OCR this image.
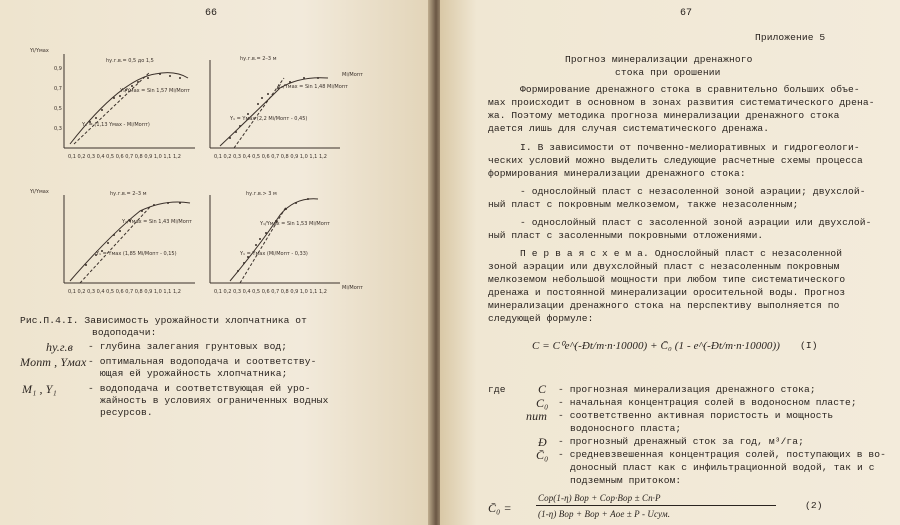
66
Yi/Yмах
hу.г.в.= 0,5 до 1,5
Y₁/Yмах = Sin 1,57 Mi/Mопт
Y₁ = (1,13 Yмах - Mi/Mопт)
0,1 0,2 0,3 0,4 0,5 0,6 0,7 0,8 0,9 1,0 1,1 1,2
0,9
0,7
0,5
0,3
hу.г.в.= 2–3 м
Y₁/Yмах = Sin 1,48 Mi/Mопт
Y₁ = Yмах (2,2 Mi/Mопт - 0,45)
Mi/Mопт
0,1 0,2 0,3 0,4 0,5 0,6 0,7 0,8 0,9 1,0 1,1 1,2
Yi/Yмах	hу.г.в.= 2–3 м
Y₁/Yмах = Sin 1,43 Mi/Mопт
Y₁ = Yмах (1,85 Mi/Mопт - 0,15)
0,1 0,2 0,3 0,4 0,5 0,6 0,7 0,8 0,9 1,0 1,1 1,2
hу.г.в.> 3 м
Y₁/Yмах = Sin 1,53 Mi/Mопт
Y₁ = Yмах (Mi/Mопт - 0,33)
Mi/Mопт
0,1 0,2 0,3 0,4 0,5 0,6 0,7 0,8 0,9 1,0 1,1 1,2
Рис.П.4.I. Зависимость урожайности хлопчатника от
водоподачи:
hу.г.в - глубина залегания грунтовых вод;
Mопт , Yмах - оптимальная водоподача и соответству-
ющая ей урожайность хлопчатника;
M₁ , Y₁	- водоподача и соответствующая ей уро-
жайность в условиях ограниченных водных
ресурсов.
67
Приложение 5
Прогноз минерализации дренажного
стока при орошении
Формирование дренажного стока в сравнительно больших объе-
мах происходит в основном в зонах развития систематического дрена-
жа. Поэтому методика прогноза минерализации дренажного стока
дается лишь для случая систематического дренажа.
I. В зависимости от почвенно-мелиоративных и гидрогеологи-
ческих условий можно выделить следующие расчетные схемы процесса
формирования минерализации дренажного стока:
- однослойный пласт с незасоленной зоной аэрации; двухслой-
ный пласт с покровным мелкоземом, также незасоленным;
- однослойный пласт с засоленной зоной аэрации или двухслой-
ный пласт с засоленными покровными отложениями.
П е р в а я с х е м а. Однослойный пласт с незасоленной
зоной аэрации или двухслойный пласт с незасоленным покровным
мелкоземом небольшой мощности при любом типе систематического
дренажа и постоянной минерализации оросительной воды. Прогноз
минерализации дренажного стока на перспективу выполняется по
следующей формуле:
C = C⁰e^(-Đt/m·n·10000) + C̄₀ (1 - e^(-Đt/m·n·10000)) (I)
где	C - прогнозная минерализация дренажного стока;
C₀ - начальная концентрация солей в водоносном пласте;
nиm - соответственно активная пористость и мощность
водоносного пласта;
Đ - прогнозный дренажный сток за год, м³/га;
C̄₀ - средневзвешенная концентрация солей, поступающих в во-
доносный пласт как с инфильтрационной водой, так и с
подземным притоком:
C̄₀ =
Cор(1-η) Bор + Cор·Bор ± Cп·P
(1-η) Bор + Bор + Aое ± P - Uсум.
(2)
